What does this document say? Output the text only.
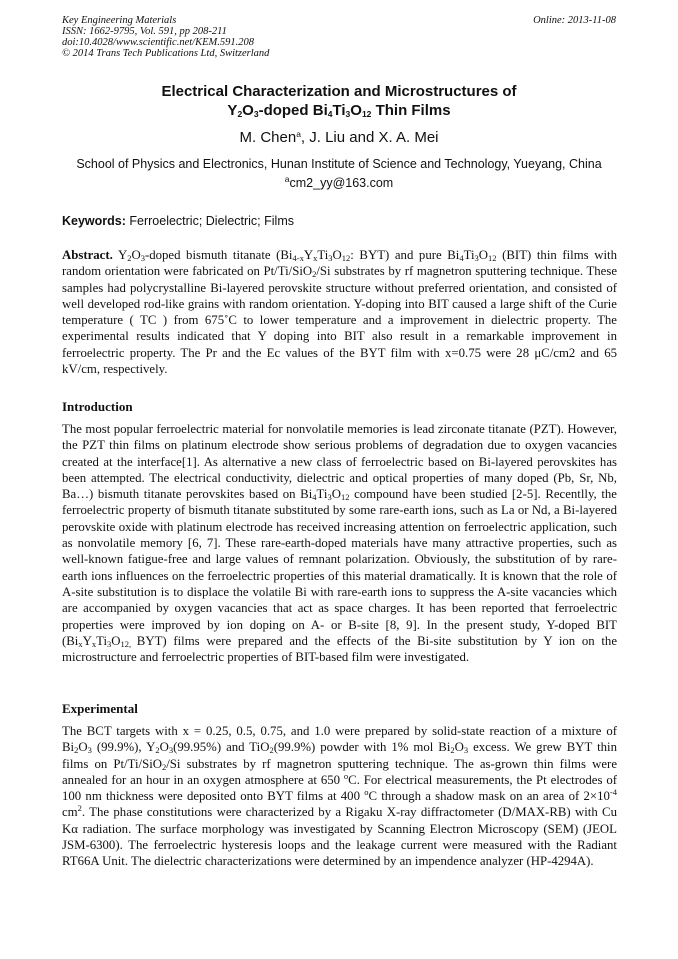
Key Engineering Materials
ISSN: 1662-9795, Vol. 591, pp 208-211
doi:10.4028/www.scientific.net/KEM.591.208
© 2014 Trans Tech Publications Ltd, Switzerland
Online: 2013-11-08
Electrical Characterization and Microstructures of
$Y_2O_3$-doped $Bi_4Ti_3O_{12}$ Thin Films
M. Chen$^a$, J. Liu and X. A. Mei
School of Physics and Electronics, Hunan Institute of Science and Technology, Yueyang, China
$^a$cm2_yy@163.com
Keywords: Ferroelectric; Dielectric; Films
Abstract. $Y_2O_3$-doped bismuth titanate ($Bi_{4-x}Y_xTi_3O_{12}$: BYT) and pure $Bi_4Ti_3O_{12}$ (BIT) thin films with random orientation were fabricated on Pt/Ti/SiO$_2$/Si substrates by rf magnetron sputtering technique. These samples had polycrystalline Bi-layered perovskite structure without preferred orientation, and consisted of well developed rod-like grains with random orientation. Y-doping into BIT caused a large shift of the Curie temperature ( TC ) from 675˚C to lower temperature and a improvement in dielectric property. The experimental results indicated that Y doping into BIT also result in a remarkable improvement in ferroelectric property. The Pr and the Ec values of the BYT film with x=0.75 were 28 μC/cm2 and 65 kV/cm, respectively.
Introduction
The most popular ferroelectric material for nonvolatile memories is lead zirconate titanate (PZT). However, the PZT thin films on platinum electrode show serious problems of degradation due to oxygen vacancies created at the interface[1]. As alternative a new class of ferroelectric based on Bi-layered perovskites has been attempted. The electrical conductivity, dielectric and optical properties of many doped (Pb, Sr, Nb, Ba…) bismuth titanate perovskites based on $Bi_4Ti_3O_{12}$ compound have been studied [2-5]. Recentlly, the ferroelectric property of bismuth titanate substituted by some rare-earth ions, such as La or Nd, a Bi-layered perovskite oxide with platinum electrode has received increasing attention on ferroelectric application, such as nonvolatile memory [6, 7]. These rare-earth-doped materials have many attractive properties, such as well-known fatigue-free and large values of remnant polarization. Obviously, the substitution of by rare-earth ions influences on the ferroelectric properties of this material dramatically. It is known that the role of A-site substitution is to displace the volatile Bi with rare-earth ions to suppress the A-site vacancies which are accompanied by oxygen vacancies that act as space charges. It has been reported that ferroelectric properties were improved by ion doping on A- or B-site [8, 9]. In the present study, Y-doped BIT ($Bi_xY_xTi_3O_{12,}$ BYT) films were prepared and the effects of the Bi-site substitution by Y ion on the microstructure and ferroelectric properties of BIT-based film were investigated.
Experimental
The BCT targets with x = 0.25, 0.5, 0.75, and 1.0 were prepared by solid-state reaction of a mixture of $Bi_2O_3$ (99.9%), $Y_2O_3(99.95\%)$ and TiO$_2$(99.9%) powder with 1% mol $Bi_2O_3$ excess. We grew BYT thin films on Pt/Ti/SiO$_2$/Si substrates by rf magnetron sputtering technique. The as-grown thin films were annealed for an hour in an oxygen atmosphere at 650 $^o$C. For electrical measurements, the Pt electrodes of 100 nm thickness were deposited onto BYT films at 400 $^o$C through a shadow mask on an area of $2\times 10^{-4}$ $cm^2$. The phase constitutions were characterized by a Rigaku X-ray diffractometer (D/MAX-RB) with Cu Kα radiation. The surface morphology was investigated by Scanning Electron Microscopy (SEM) (JEOL JSM-6300). The ferroelectric hysteresis loops and the leakage current were measured with the Radiant RT66A Unit. The dielectric characterizations were determined by an impendence analyzer (HP-4294A).
